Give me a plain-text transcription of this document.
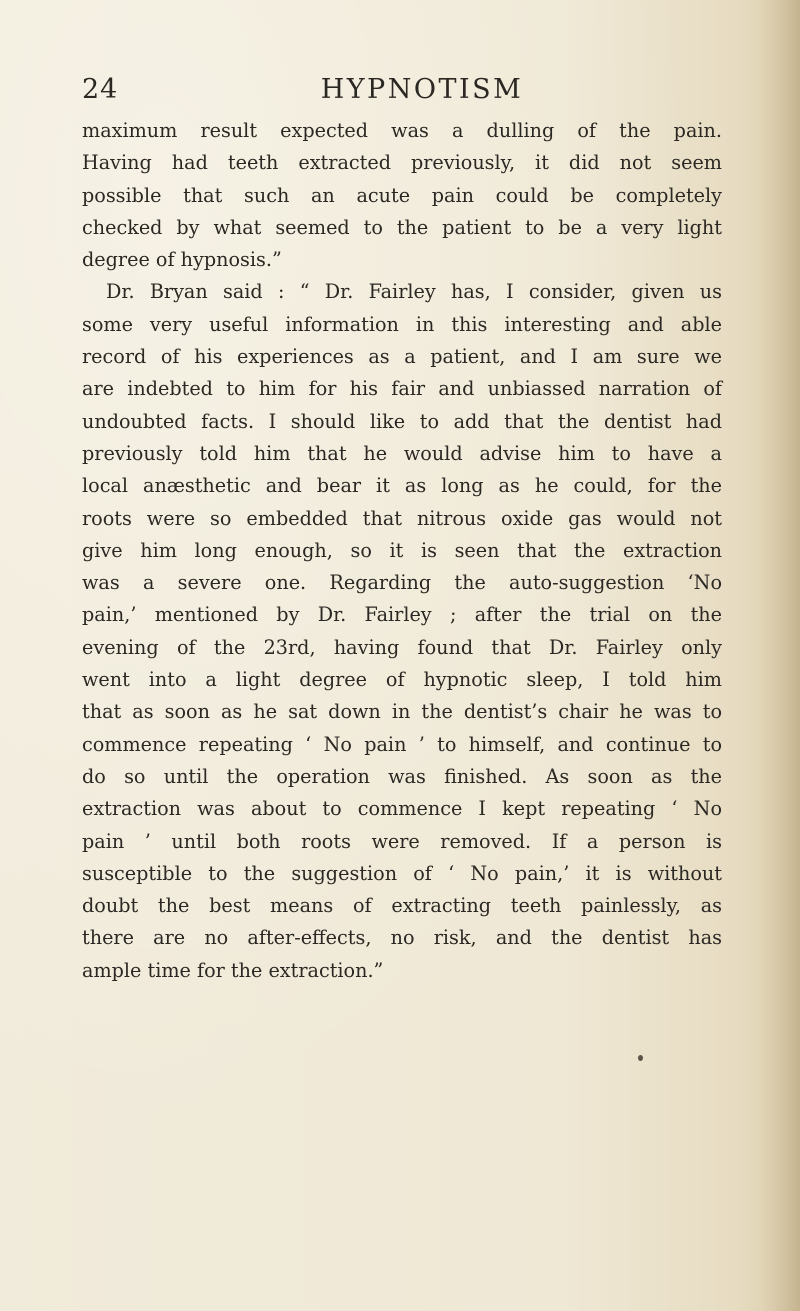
24	HYPNOTISM
maximum result expected was a dulling of the pain.
Having had teeth extracted previously, it did not seem
possible that such an acute pain could be completely
checked by what seemed to the patient to be a very light
degree of hypnosis.”
Dr. Bryan said : “ Dr. Fairley has, I consider, given us
some very useful information in this interesting and able
record of his experiences as a patient, and I am sure we
are indebted to him for his fair and unbiassed narration of
undoubted facts. I should like to add that the dentist had
previously told him that he would advise him to have a
local anæsthetic and bear it as long as he could, for the
roots were so embedded that nitrous oxide gas would not
give him long enough, so it is seen that the extraction
was a severe one. Regarding the auto-suggestion ‘No
pain,’ mentioned by Dr. Fairley ; after the trial on the
evening of the 23rd, having found that Dr. Fairley only
went into a light degree of hypnotic sleep, I told him
that as soon as he sat down in the dentist’s chair he was to
commence repeating ‘ No pain ’ to himself, and continue to
do so until the operation was finished. As soon as the
extraction was about to commence I kept repeating ‘ No
pain ’ until both roots were removed. If a person is
susceptible to the suggestion of ‘ No pain,’ it is without
doubt the best means of extracting teeth painlessly, as
there are no after-effects, no risk, and the dentist has
ample time for the extraction.”
